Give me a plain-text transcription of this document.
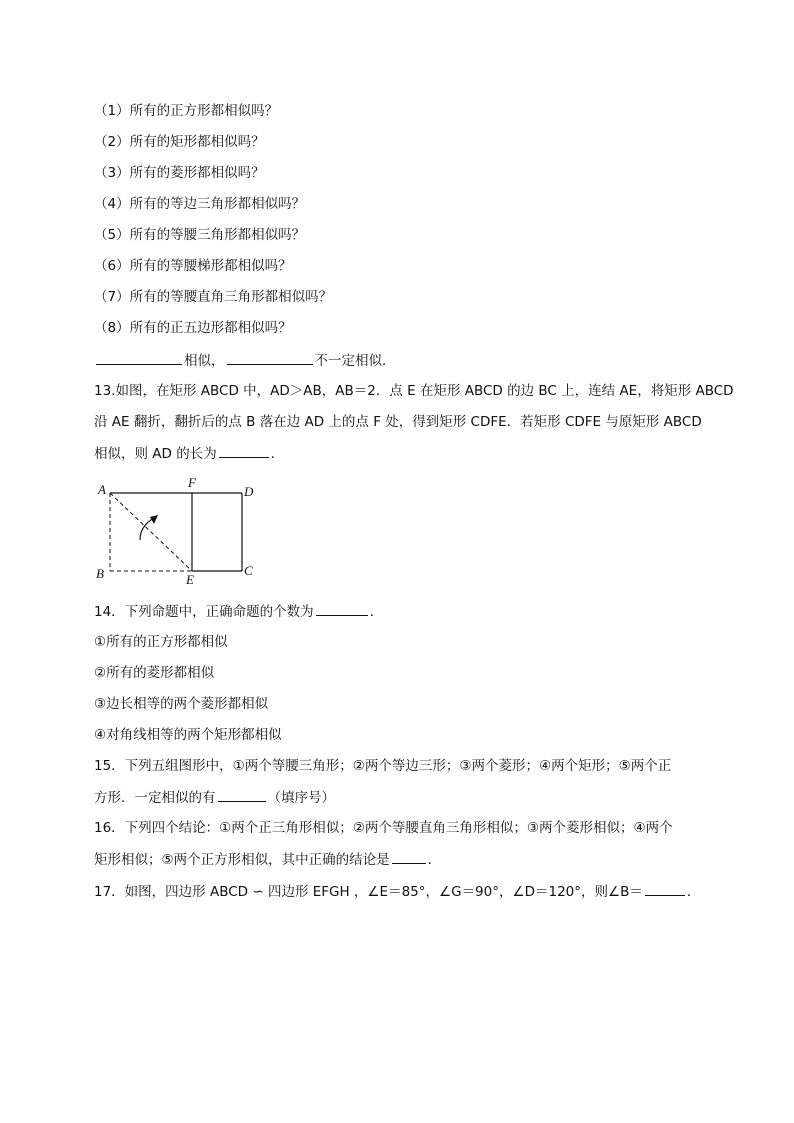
（1）所有的正方形都相似吗？
（2）所有的矩形都相似吗？
（3）所有的菱形都相似吗？
（4）所有的等边三角形都相似吗？
（5）所有的等腰三角形都相似吗？
（6）所有的等腰梯形都相似吗？
（7）所有的等腰直角三角形都相似吗？
（8）所有的正五边形都相似吗？
相似，	不一定相似．
13.如图，在矩形 ABCD 中，AD＞AB，AB＝2．点 E 在矩形 ABCD 的边 BC 上，连结 AE，将矩形 ABCD
沿 AE 翻折，翻折后的点 B 落在边 AD 上的点 F 处，得到矩形 CDFE．若矩形 CDFE 与原矩形 ABCD
相似，则 AD 的长为	．
A	F
D
B	E
C
14．下列命题中，正确命题的个数为	．
①所有的正方形都相似
②所有的菱形都相似
③边长相等的两个菱形都相似
④对角线相等的两个矩形都相似
15．下列五组图形中，①两个等腰三角形；②两个等边三形；③两个菱形；④两个矩形；⑤两个正
方形．一定相似的有	（填序号）
16．下列四个结论：①两个正三角形相似；②两个等腰直角三角形相似；③两个菱形相似；④两个
矩形相似；⑤两个正方形相似，其中正确的结论是	．
17．如图，四边形 ABCD ∽ 四边形 EFGH ，∠E＝85°，∠G＝90°，∠D＝120°，则∠B＝	．
